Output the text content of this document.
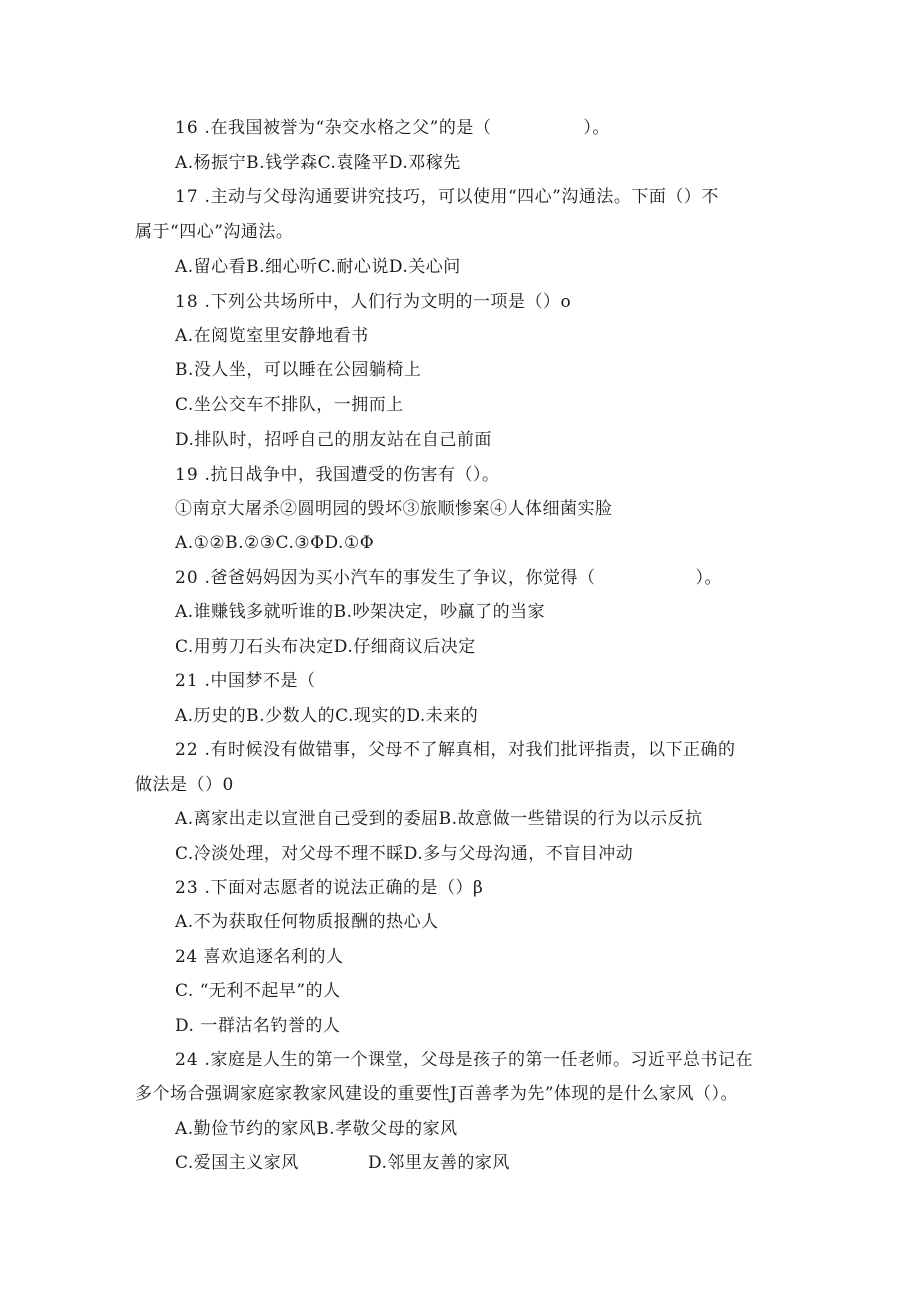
16 .在我国被誉为“杂交水格之父”的是（	）。
A.杨振宁B.钱学森C.袁隆平D.邓稼先
17 .主动与父母沟通要讲究技巧，可以使用“四心”沟通法。下面（）不
属于“四心”沟通法。
A.留心看B.细心听C.耐心说D.关心问
18 .下列公共场所中，人们行为文明的一项是（）o
A.在阅览室里安静地看书
B.没人坐，可以睡在公园躺椅上
C.坐公交车不排队，一拥而上
D.排队时，招呼自己的朋友站在自己前面
19 .抗日战争中，我国遭受的伤害有（）。
①南京大屠杀②圆明园的毁坏③旅顺惨案④人体细菌实脸
A.①②B.②③C.③ΦD.①Φ
20 .爸爸妈妈因为买小汽车的事发生了争议，你觉得（	）。
A.谁赚钱多就听谁的B.吵架决定，吵赢了的当家
C.用剪刀石头布决定D.仔细商议后决定
21 .中国梦不是（
A.历史的B.少数人的C.现实的D.未来的
22 .有时候没有做错事，父母不了解真相，对我们批评指责，以下正确的
做法是（）0
A.离家出走以宣泄自己受到的委屈B.故意做一些错误的行为以示反抗
C.冷淡处理，对父母不理不睬D.多与父母沟通，不盲目冲动
23 .下面对志愿者的说法正确的是（）β
A.不为获取任何物质报酬的热心人
24 喜欢追逐名利的人
C. “无利不起早”的人
D. 一群沽名钓誉的人
24 .家庭是人生的第一个课堂，父母是孩子的第一任老师。习近平总书记在
多个场合强调家庭家教家风建设的重要性J百善孝为先”体现的是什么家风（）。
A.勤俭节约的家风B.孝敬父母的家风
C.爱国主义家风	D.邻里友善的家风
